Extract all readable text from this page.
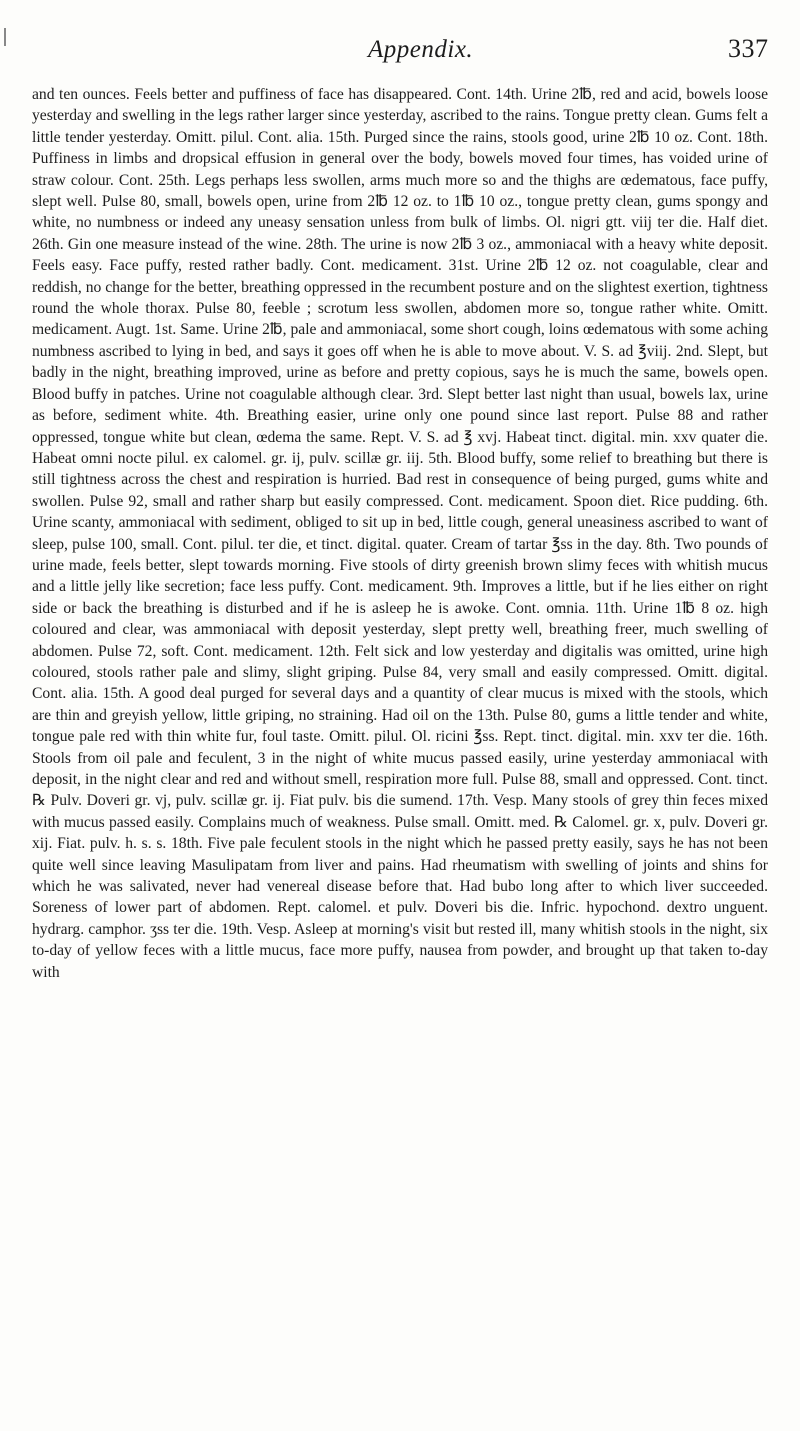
Appendix.	337

and ten ounces. Feels better and puffiness of face has disappeared. Cont. 14th. Urine 2℔, red and acid, bowels loose yesterday and swelling in the legs rather larger since yesterday, ascribed to the rains. Tongue pretty clean. Gums felt a little tender yesterday. Omitt. pilul. Cont. alia. 15th. Purged since the rains, stools good, urine 2℔ 10 oz. Cont. 18th. Puffiness in limbs and dropsical effusion in general over the body, bowels moved four times, has voided urine of straw colour. Cont. 25th. Legs perhaps less swollen, arms much more so and the thighs are œdematous, face puffy, slept well. Pulse 80, small, bowels open, urine from 2℔ 12 oz. to 1℔ 10 oz., tongue pretty clean, gums spongy and white, no numbness or indeed any uneasy sensation unless from bulk of limbs. Ol. nigri gtt. viij ter die. Half diet. 26th. Gin one measure instead of the wine. 28th. The urine is now 2℔ 3 oz., ammoniacal with a heavy white deposit. Feels easy. Face puffy, rested rather badly. Cont. medicament. 31st. Urine 2℔ 12 oz. not coagulable, clear and reddish, no change for the better, breathing oppressed in the recumbent posture and on the slightest exertion, tightness round the whole thorax. Pulse 80, feeble ; scrotum less swollen, abdomen more so, tongue rather white. Omitt. medicament. Augt. 1st. Same. Urine 2℔, pale and ammoniacal, some short cough, loins œdematous with some aching numbness ascribed to lying in bed, and says it goes off when he is able to move about. V. S. ad ℥viij. 2nd. Slept, but badly in the night, breathing improved, urine as before and pretty copious, says he is much the same, bowels open. Blood buffy in patches. Urine not coagulable although clear. 3rd. Slept better last night than usual, bowels lax, urine as before, sediment white. 4th. Breathing easier, urine only one pound since last report. Pulse 88 and rather oppressed, tongue white but clean, œdema the same. Rept. V. S. ad ℥ xvj. Habeat tinct. digital. min. xxv quater die. Habeat omni nocte pilul. ex calomel. gr. ij, pulv. scillæ gr. iij. 5th. Blood buffy, some relief to breathing but there is still tightness across the chest and respiration is hurried. Bad rest in consequence of being purged, gums white and swollen. Pulse 92, small and rather sharp but easily compressed. Cont. medicament. Spoon diet. Rice pudding. 6th. Urine scanty, ammoniacal with sediment, obliged to sit up in bed, little cough, general uneasiness ascribed to want of sleep, pulse 100, small. Cont. pilul. ter die, et tinct. digital. quater. Cream of tartar ℥ss in the day. 8th. Two pounds of urine made, feels better, slept towards morning. Five stools of dirty greenish brown slimy feces with whitish mucus and a little jelly like secretion; face less puffy. Cont. medicament. 9th. Improves a little, but if he lies either on right side or back the breathing is disturbed and if he is asleep he is awoke. Cont. omnia. 11th. Urine 1℔ 8 oz. high coloured and clear, was ammoniacal with deposit yesterday, slept pretty well, breathing freer, much swelling of abdomen. Pulse 72, soft. Cont. medicament. 12th. Felt sick and low yesterday and digitalis was omitted, urine high coloured, stools rather pale and slimy, slight griping. Pulse 84, very small and easily compressed. Omitt. digital. Cont. alia. 15th. A good deal purged for several days and a quantity of clear mucus is mixed with the stools, which are thin and greyish yellow, little griping, no straining. Had oil on the 13th. Pulse 80, gums a little tender and white, tongue pale red with thin white fur, foul taste. Omitt. pilul. Ol. ricini ℥ss. Rept. tinct. digital. min. xxv ter die. 16th. Stools from oil pale and feculent, 3 in the night of white mucus passed easily, urine yesterday ammoniacal with deposit, in the night clear and red and without smell, respiration more full. Pulse 88, small and oppressed. Cont. tinct. ℞ Pulv. Doveri gr. vj, pulv. scillæ gr. ij. Fiat pulv. bis die sumend. 17th. Vesp. Many stools of grey thin feces mixed with mucus passed easily. Complains much of weakness. Pulse small. Omitt. med. ℞ Calomel. gr. x, pulv. Doveri gr. xij. Fiat. pulv. h. s. s. 18th. Five pale feculent stools in the night which he passed pretty easily, says he has not been quite well since leaving Masulipatam from liver and pains. Had rheumatism with swelling of joints and shins for which he was salivated, never had venereal disease before that. Had bubo long after to which liver succeeded. Soreness of lower part of abdomen. Rept. calomel. et pulv. Doveri bis die. Infric. hypochond. dextro unguent. hydrarg. camphor. ʒss ter die. 19th. Vesp. Asleep at morning's visit but rested ill, many whitish stools in the night, six to-day of yellow feces with a little mucus, face more puffy, nausea from powder, and brought up that taken to-day with
